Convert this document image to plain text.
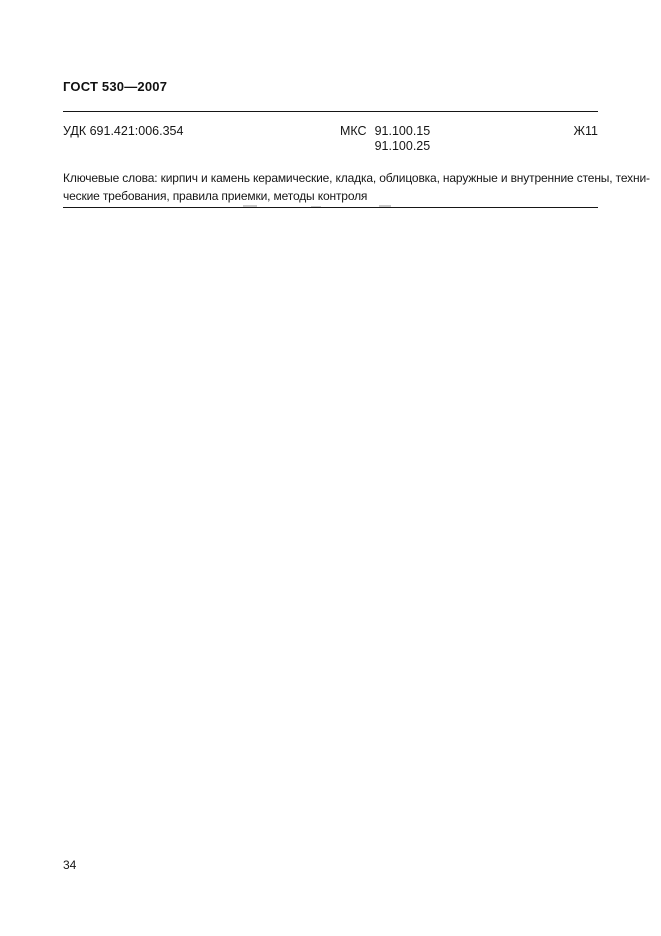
ГОСТ 530—2007
УДК 691.421:006.354	МКС 91.100.15
91.100.25
Ж11

Ключевые слова: кирпич и камень керамические, кладка, облицовка, наружные и внутренние стены, техни-
ческие требования, правила приемки, методы контроля

34
